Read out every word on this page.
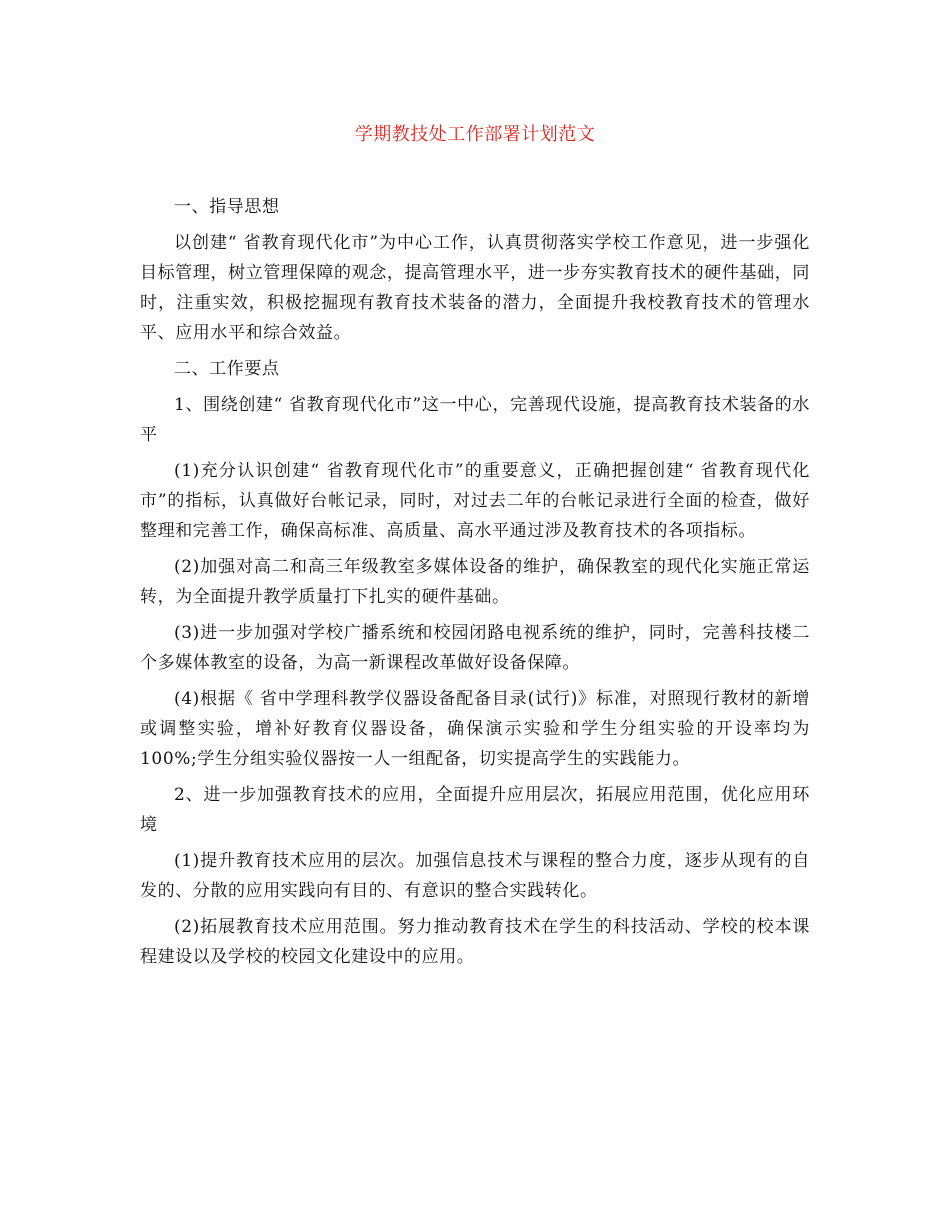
学期教技处工作部署计划范文

一、指导思想

以创建“ 省教育现代化市”为中心工作，认真贯彻落实学校工作意见，进一步强化目标管理，树立管理保障的观念，提高管理水平，进一步夯实教育技术的硬件基础，同时，注重实效，积极挖掘现有教育技术装备的潜力，全面提升我校教育技术的管理水平、应用水平和综合效益。

二、工作要点

1、围绕创建“ 省教育现代化市”这一中心，完善现代设施，提高教育技术装备的水平

(1)充分认识创建“ 省教育现代化市”的重要意义，正确把握创建“ 省教育现代化市”的指标，认真做好台帐记录，同时，对过去二年的台帐记录进行全面的检查，做好整理和完善工作，确保高标准、高质量、高水平通过涉及教育技术的各项指标。

(2)加强对高二和高三年级教室多媒体设备的维护，确保教室的现代化实施正常运转，为全面提升教学质量打下扎实的硬件基础。

(3)进一步加强对学校广播系统和校园闭路电视系统的维护，同时，完善科技楼二个多媒体教室的设备，为高一新课程改革做好设备保障。

(4)根据《 省中学理科教学仪器设备配备目录(试行)》标准，对照现行教材的新增或调整实验，增补好教育仪器设备，确保演示实验和学生分组实验的开设率均为100%;学生分组实验仪器按一人一组配备，切实提高学生的实践能力。

2、进一步加强教育技术的应用，全面提升应用层次，拓展应用范围，优化应用环境

(1)提升教育技术应用的层次。加强信息技术与课程的整合力度，逐步从现有的自发的、分散的应用实践向有目的、有意识的整合实践转化。

(2)拓展教育技术应用范围。努力推动教育技术在学生的科技活动、学校的校本课程建设以及学校的校园文化建设中的应用。
